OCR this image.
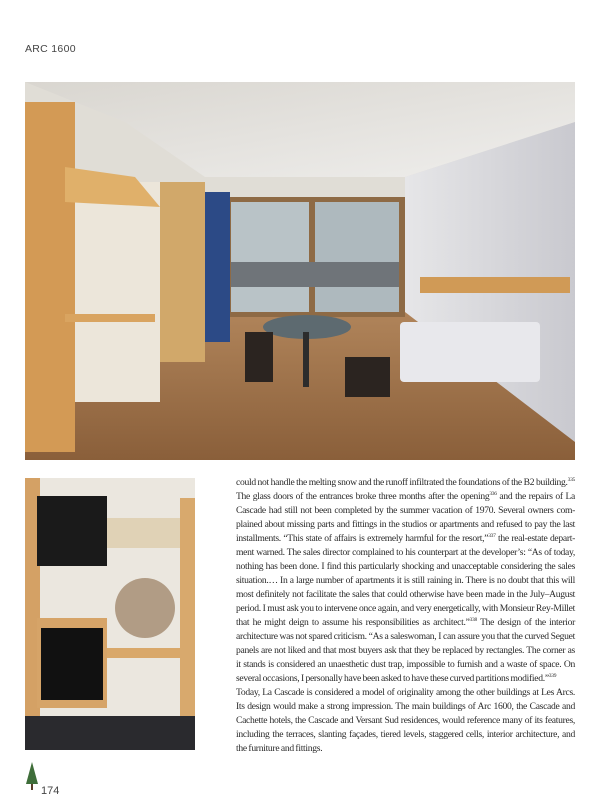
ARC 1600
could not handle the melting snow and the runoff infiltrated the foundations of the B2 building.$^{335}$
The glass doors of the entrances broke three months after the opening$^{336}$ and the repairs of La
Cascade had still not been completed by the summer vacation of 1970. Several owners com-
plained about missing parts and fittings in the studios or apartments and refused to pay the last
installments. “This state of affairs is extremely harmful for the resort,”$^{337}$ the real-estate depart-
ment warned. The sales director complained to his counterpart at the developer’s: “As of today,
nothing has been done. I find this particularly shocking and unacceptable considering the sales
situation.… In a large number of apartments it is still raining in. There is no doubt that this will
most definitely not facilitate the sales that could otherwise have been made in the July–August
period. I must ask you to intervene once again, and very energetically, with Monsieur Rey-Millet
that he might deign to assume his responsibilities as architect.”$^{338}$ The design of the interior
architecture was not spared criticism. “As a saleswoman, I can assure you that the curved Seguet
panels are not liked and that most buyers ask that they be replaced by rectangles. The corner as
it stands is considered an unaesthetic dust trap, impossible to furnish and a waste of space. On
several occasions, I personally have been asked to have these curved partitions modified.”$^{339}$
Today, La Cascade is considered a model of originality among the other buildings at Les Arcs.
Its design would make a strong impression. The main buildings of Arc 1600, the Cascade and
Cachette hotels, the Cascade and Versant Sud residences, would reference many of its features,
including the terraces, slanting façades, tiered levels, staggered cells, interior architecture, and
the furniture and fittings.
174
